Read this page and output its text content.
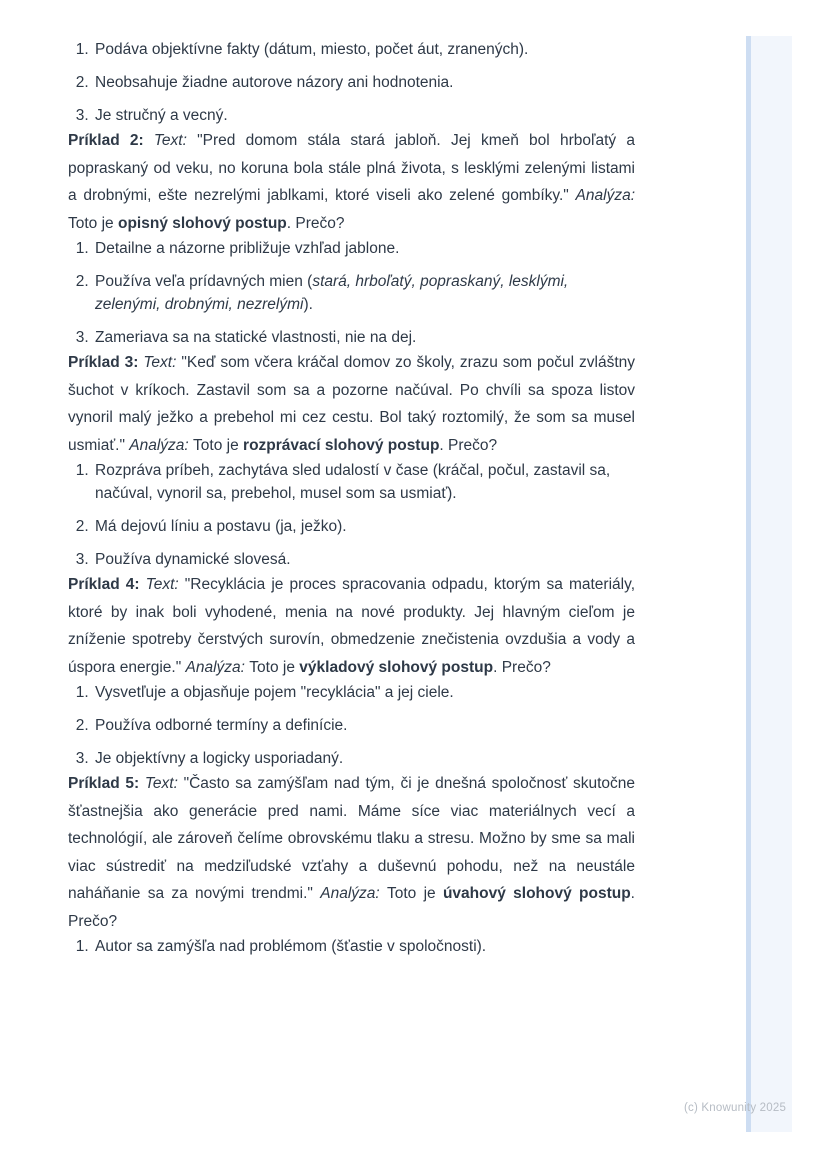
1. Podáva objektívne fakty (dátum, miesto, počet áut, zranených).
2. Neobsahuje žiadne autorove názory ani hodnotenia.
3. Je stručný a vecný.

Príklad 2: Text: "Pred domom stála stará jabloň. Jej kmeň bol hrboľatý a popraskaný od veku, no koruna bola stále plná života, s lesklými zelenými listami a drobnými, ešte nezrelými jablkami, ktoré viseli ako zelené gombíky." Analýza: Toto je opisný slohový postup. Prečo?

1. Detailne a názorne približuje vzhľad jablone.
2. Používa veľa prídavných mien (stará, hrboľatý, popraskaný, lesklými, zelenými, drobnými, nezrelými).
3. Zameriava sa na statické vlastnosti, nie na dej.

Príklad 3: Text: "Keď som včera kráčal domov zo školy, zrazu som počul zvláštny šuchot v kríkoch. Zastavil som sa a pozorne načúval. Po chvíli sa spoza listov vynoril malý ježko a prebehol mi cez cestu. Bol taký roztomilý, že som sa musel usmiať." Analýza: Toto je rozprávací slohový postup. Prečo?

1. Rozpráva príbeh, zachytáva sled udalostí v čase (kráčal, počul, zastavil sa, načúval, vynoril sa, prebehol, musel som sa usmiať).
2. Má dejovú líniu a postavu (ja, ježko).
3. Používa dynamické slovesá.

Príklad 4: Text: "Recyklácia je proces spracovania odpadu, ktorým sa materiály, ktoré by inak boli vyhodené, menia na nové produkty. Jej hlavným cieľom je zníženie spotreby čerstvých surovín, obmedzenie znečistenia ovzdušia a vody a úspora energie." Analýza: Toto je výkladový slohový postup. Prečo?

1. Vysvetľuje a objasňuje pojem "recyklácia" a jej ciele.
2. Používa odborné termíny a definície.
3. Je objektívny a logicky usporiadaný.

Príklad 5: Text: "Často sa zamýšľam nad tým, či je dnešná spoločnosť skutočne šťastnejšia ako generácie pred nami. Máme síce viac materiálnych vecí a technológií, ale zároveň čelíme obrovskému tlaku a stresu. Možno by sme sa mali viac sústrediť na medziľudské vzťahy a duševnú pohodu, než na neustále naháňanie sa za novými trendmi." Analýza: Toto je úvahový slohový postup. Prečo?

1. Autor sa zamýšľa nad problémom (šťastie v spoločnosti).
(c) Knowunity 2025
